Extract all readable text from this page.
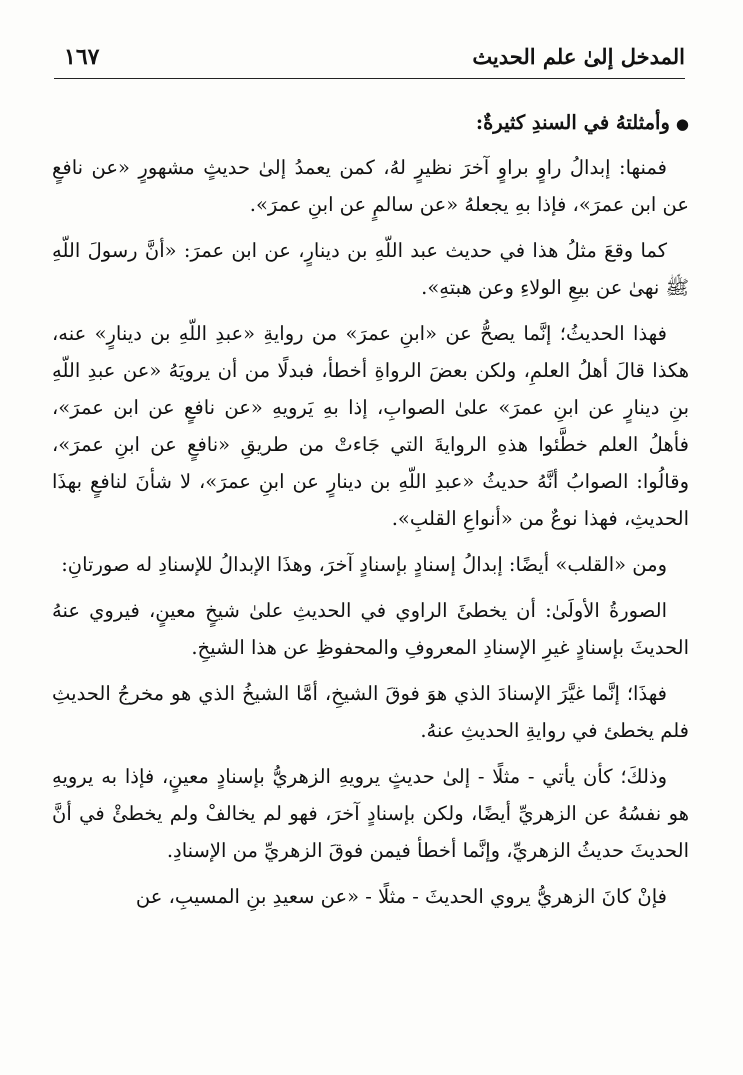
المدخل إلىٰ علم الحديث
١٦٧

●وأمثلتهُ في السندِ كثيرةٌ:

فمنها: إبدالُ راوٍ براوٍ آخرَ نظيرٍ لهُ، كمن يعمدُ إلىٰ حديثٍ مشهورٍ «عن نافعٍ عن ابن عمرَ»، فإذا بهِ يجعلهُ «عن سالمٍ عن ابنِ عمرَ».

كما وقعَ مثلُ هذا في حديث عبد اللّهِ بن دينارٍ، عن ابن عمرَ: «أنَّ رسولَ اللّهِ ﷺ نهىٰ عن بيعِ الولاءِ وعن هبتهِ».

فهذا الحديثُ؛ إنَّما يصحُّ عن «ابنِ عمرَ» من روايةِ «عبدِ اللّهِ بن دينارٍ» عنه، هكذا قالَ أهلُ العلمِ، ولكن بعضَ الرواةِ أخطأ، فبدلًا من أن يرويَهُ «عن عبدِ اللّهِ بنِ دينارٍ عن ابنِ عمرَ» علىٰ الصوابِ، إذا بهِ يَرويهِ «عن نافعٍ عن ابن عمرَ»، فأهلُ العلم خطَّئوا هذهِ الروايةَ التي جَاءتْ من طريقِ «نافعٍ عن ابنِ عمرَ»، وقالُوا: الصوابُ أنَّهُ حديثُ «عبدِ اللّهِ بن دينارٍ عن ابنِ عمرَ»، لا شأنَ لنافعٍ بهذَا الحديثِ، فهذا نوعٌ من «أنواعِ القلبِ».

ومن «القلب» أيضًا: إبدالُ إسنادٍ بإسنادٍ آخرَ، وهذَا الإبدالُ للإسنادِ له صورتانِ:

الصورةُ الأولَىٰ: أن يخطئَ الراوي في الحديثِ علىٰ شيخٍ معينٍ، فيروي عنهُ الحديثَ بإسنادٍ غيرِ الإسنادِ المعروفِ والمحفوظِ عن هذا الشيخِ.

فهذَا؛ إنَّما غيَّرَ الإسنادَ الذي هوَ فوقَ الشيخِ، أمَّا الشيخُ الذي هو مخرجُ الحديثِ فلم يخطئ في روايةِ الحديثِ عنهُ.

وذلكَ؛ كأن يأتي - مثلًا - إلىٰ حديثٍ يرويهِ الزهريُّ بإسنادٍ معينٍ، فإذا به يرويهِ هو نفسُهُ عن الزهريِّ أيضًا، ولكن بإسنادٍ آخرَ، فهو لم يخالفْ ولم يخطئْ في أنَّ الحديثَ حديثُ الزهريِّ، وإنَّما أخطأ فيمن فوقَ الزهريِّ من الإسنادِ.

فإنْ كانَ الزهريُّ يروي الحديثَ - مثلًا - «عن سعيدِ بنِ المسيبِ، عن
